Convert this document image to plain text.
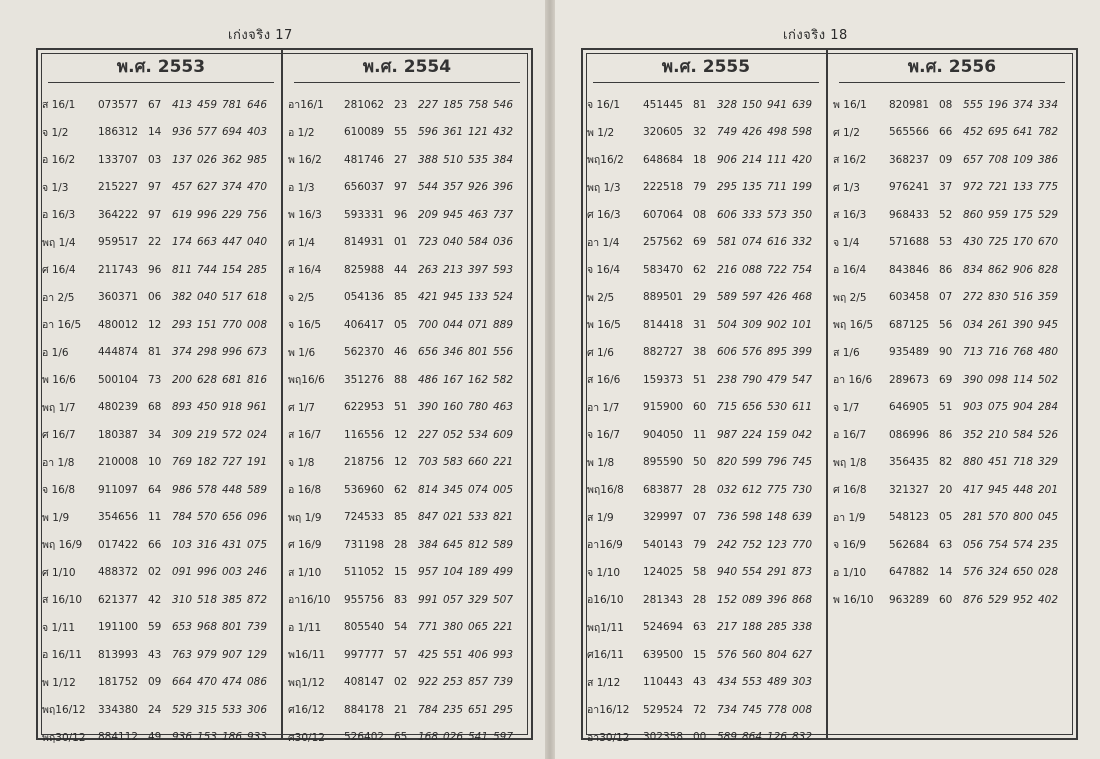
เก่งจริง 17
พ.ศ. 2553
ส 16/1	073577 67	413 459 781 646
จ 1/2	186312 14	936 577 694 403
อ 16/2	133707 03	137 026 362 985
จ 1/3	215227 97	457 627 374 470
อ 16/3	364222 97	619 996 229 756
พฤ 1/4	959517 22	174 663 447 040
ศ 16/4	211743 96	811 744 154 285
อา 2/5	360371 06	382 040 517 618
อา 16/5	480012 12	293 151 770 008
อ 1/6	444874 81	374 298 996 673
พ 16/6	500104 73	200 628 681 816
พฤ 1/7	480239 68	893 450 918 961
ศ 16/7	180387 34	309 219 572 024
อา 1/8	210008 10	769 182 727 191
จ 16/8	911097 64	986 578 448 589
พ 1/9	354656 11	784 570 656 096
พฤ 16/9	017422 66	103 316 431 075
ศ 1/10	488372 02	091 996 003 246
ส 16/10	621377 42	310 518 385 872
จ 1/11	191100 59	653 968 801 739
อ 16/11	813993 43	763 979 907 129
พ 1/12	181752 09	664 470 474 086
พฤ16/12	334380 24	529 315 533 306
พฤ30/12	884112 49	936 153 186 933
พ.ศ. 2554
อา16/1	281062 23	227 185 758 546
อ 1/2	610089 55	596 361 121 432
พ 16/2	481746 27	388 510 535 384
อ 1/3	656037 97	544 357 926 396
พ 16/3	593331 96	209 945 463 737
ศ 1/4	814931 01	723 040 584 036
ส 16/4	825988 44	263 213 397 593
จ 2/5	054136 85	421 945 133 524
จ 16/5	406417 05	700 044 071 889
พ 1/6	562370 46	656 346 801 556
พฤ16/6	351276 88	486 167 162 582
ศ 1/7	622953 51	390 160 780 463
ส 16/7	116556 12	227 052 534 609
จ 1/8	218756 12	703 583 660 221
อ 16/8	536960 62	814 345 074 005
พฤ 1/9	724533 85	847 021 533 821
ศ 16/9	731198 28	384 645 812 589
ส 1/10	511052 15	957 104 189 499
อา16/10	955756 83	991 057 329 507
อ 1/11	805540 54	771 380 065 221
พ16/11	997777 57	425 551 406 993
พฤ1/12	408147 02	922 253 857 739
ศ16/12	884178 21	784 235 651 295
ศ30/12	526402 65	168 026 541 597
เก่งจริง 18
พ.ศ. 2555
จ 16/1	451445 81	328 150 941 639
พ 1/2	320605 32	749 426 498 598
พฤ16/2	648684 18	906 214 111 420
พฤ 1/3	222518 79	295 135 711 199
ศ 16/3	607064 08	606 333 573 350
อา 1/4	257562 69	581 074 616 332
จ 16/4	583470 62	216 088 722 754
พ 2/5	889501 29	589 597 426 468
พ 16/5	814418 31	504 309 902 101
ศ 1/6	882727 38	606 576 895 399
ส 16/6	159373 51	238 790 479 547
อา 1/7	915900 60	715 656 530 611
จ 16/7	904050 11	987 224 159 042
พ 1/8	895590 50	820 599 796 745
พฤ16/8	683877 28	032 612 775 730
ส 1/9	329997 07	736 598 148 639
อา16/9	540143 79	242 752 123 770
จ 1/10	124025 58	940 554 291 873
อ16/10	281343 28	152 089 396 868
พฤ1/11	524694 63	217 188 285 338
ศ16/11	639500 15	576 560 804 627
ส 1/12	110443 43	434 553 489 303
อา16/12	529524 72	734 745 778 008
อา30/12	302358 00	589 864 126 832
พ.ศ. 2556
พ 16/1	820981 08	555 196 374 334
ศ 1/2	565566 66	452 695 641 782
ส 16/2	368237 09	657 708 109 386
ศ 1/3	976241 37	972 721 133 775
ส 16/3	968433 52	860 959 175 529
จ 1/4	571688 53	430 725 170 670
อ 16/4	843846 86	834 862 906 828
พฤ 2/5	603458 07	272 830 516 359
พฤ 16/5	687125 56	034 261 390 945
ส 1/6	935489 90	713 716 768 480
อา 16/6	289673 69	390 098 114 502
จ 1/7	646905 51	903 075 904 284
อ 16/7	086996 86	352 210 584 526
พฤ 1/8	356435 82	880 451 718 329
ศ 16/8	321327 20	417 945 448 201
อา 1/9	548123 05	281 570 800 045
จ 16/9	562684 63	056 754 574 235
อ 1/10	647882 14	576 324 650 028
พ 16/10	963289 60	876 529 952 402
